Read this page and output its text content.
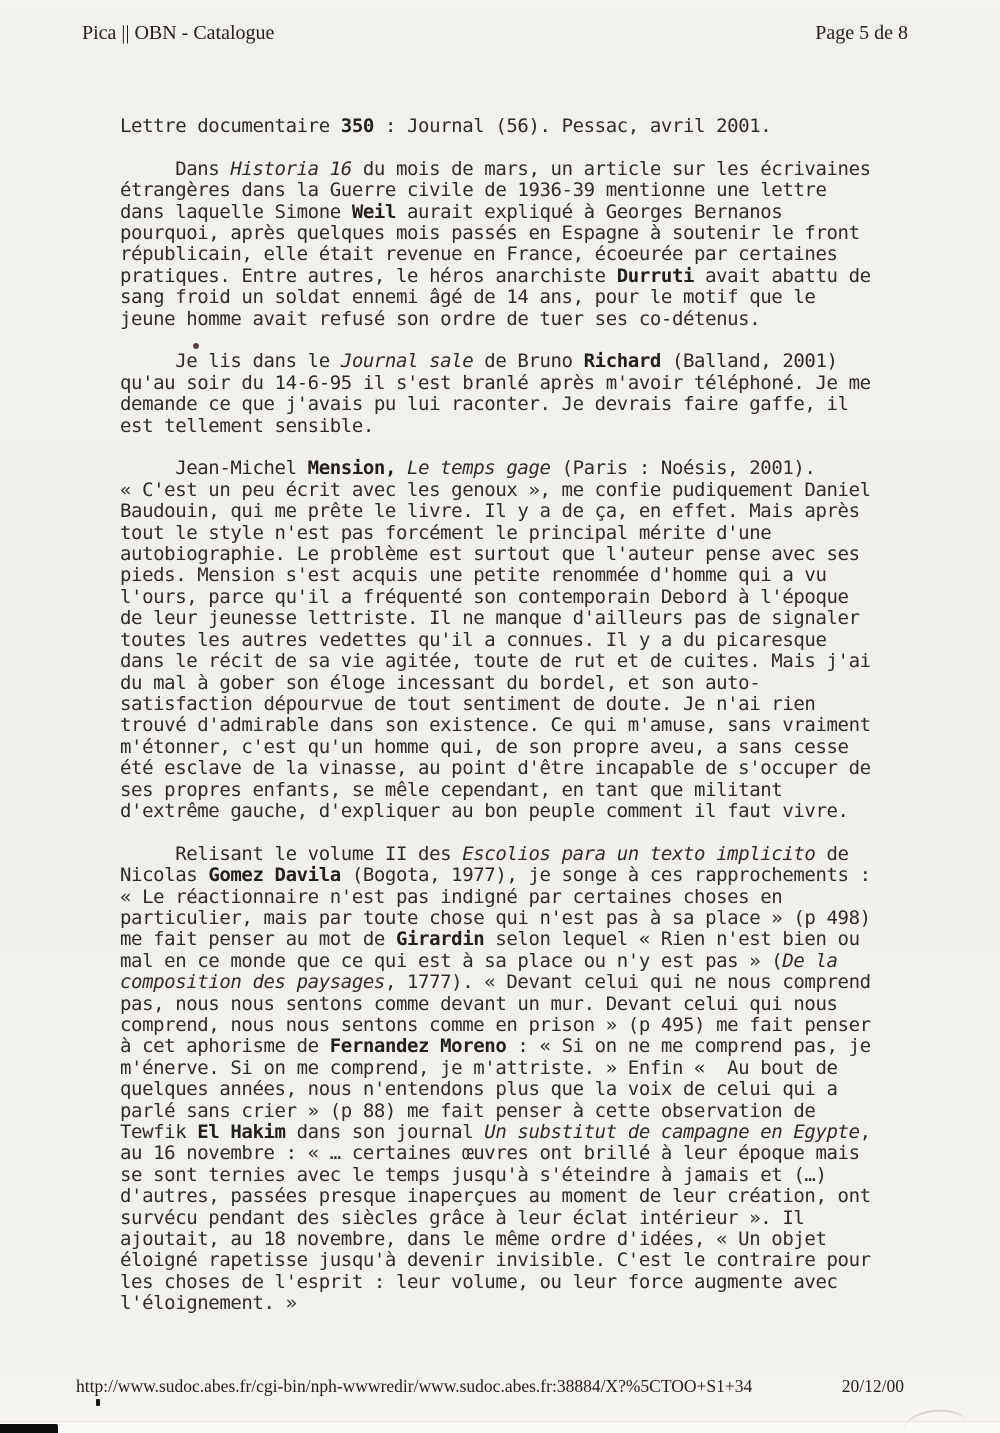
Pica || OBN - Catalogue	Page 5 de 8
Lettre documentaire 350 : Journal (56). Pessac, avril 2001.
Dans Historia 16 du mois de mars, un article sur les écrivaines
étrangères dans la Guerre civile de 1936-39 mentionne une lettre
dans laquelle Simone Weil aurait expliqué à Georges Bernanos
pourquoi, après quelques mois passés en Espagne à soutenir le front
républicain, elle était revenue en France, écoeurée par certaines
pratiques. Entre autres, le héros anarchiste Durruti avait abattu de
sang froid un soldat ennemi âgé de 14 ans, pour le motif que le
jeune homme avait refusé son ordre de tuer ses co-détenus.
Je lis dans le Journal sale de Bruno Richard (Balland, 2001)
qu'au soir du 14-6-95 il s'est branlé après m'avoir téléphoné. Je me
demande ce que j'avais pu lui raconter. Je devrais faire gaffe, il
est tellement sensible.
Jean-Michel Mension, Le temps gage (Paris : Noésis, 2001).
« C'est un peu écrit avec les genoux », me confie pudiquement Daniel
Baudouin, qui me prête le livre. Il y a de ça, en effet. Mais après
tout le style n'est pas forcément le principal mérite d'une
autobiographie. Le problème est surtout que l'auteur pense avec ses
pieds. Mension s'est acquis une petite renommée d'homme qui a vu
l'ours, parce qu'il a fréquenté son contemporain Debord à l'époque
de leur jeunesse lettriste. Il ne manque d'ailleurs pas de signaler
toutes les autres vedettes qu'il a connues. Il y a du picaresque
dans le récit de sa vie agitée, toute de rut et de cuites. Mais j'ai
du mal à gober son éloge incessant du bordel, et son auto-
satisfaction dépourvue de tout sentiment de doute. Je n'ai rien
trouvé d'admirable dans son existence. Ce qui m'amuse, sans vraiment
m'étonner, c'est qu'un homme qui, de son propre aveu, a sans cesse
été esclave de la vinasse, au point d'être incapable de s'occuper de
ses propres enfants, se mêle cependant, en tant que militant
d'extrême gauche, d'expliquer au bon peuple comment il faut vivre.
Relisant le volume II des Escolios para un texto implicito de
Nicolas Gomez Davila (Bogota, 1977), je songe à ces rapprochements :
« Le réactionnaire n'est pas indigné par certaines choses en
particulier, mais par toute chose qui n'est pas à sa place » (p 498)
me fait penser au mot de Girardin selon lequel « Rien n'est bien ou
mal en ce monde que ce qui est à sa place ou n'y est pas » (De la
composition des paysages, 1777). « Devant celui qui ne nous comprend
pas, nous nous sentons comme devant un mur. Devant celui qui nous
comprend, nous nous sentons comme en prison » (p 495) me fait penser
à cet aphorisme de Fernandez Moreno : « Si on ne me comprend pas, je
m'énerve. Si on me comprend, je m'attriste. » Enfin «  Au bout de
quelques années, nous n'entendons plus que la voix de celui qui a
parlé sans crier » (p 88) me fait penser à cette observation de
Tewfik El Hakim dans son journal Un substitut de campagne en Egypte,
au 16 novembre : « … certaines œuvres ont brillé à leur époque mais
se sont ternies avec le temps jusqu'à s'éteindre à jamais et (…)
d'autres, passées presque inaperçues au moment de leur création, ont
survécu pendant des siècles grâce à leur éclat intérieur ». Il
ajoutait, au 18 novembre, dans le même ordre d'idées, « Un objet
éloigné rapetisse jusqu'à devenir invisible. C'est le contraire pour
les choses de l'esprit : leur volume, ou leur force augmente avec
l'éloignement. »
http://www.sudoc.abes.fr/cgi-bin/nph-wwwredir/www.sudoc.abes.fr:38884/X?%5CTOO+S1+34	20/12/00
